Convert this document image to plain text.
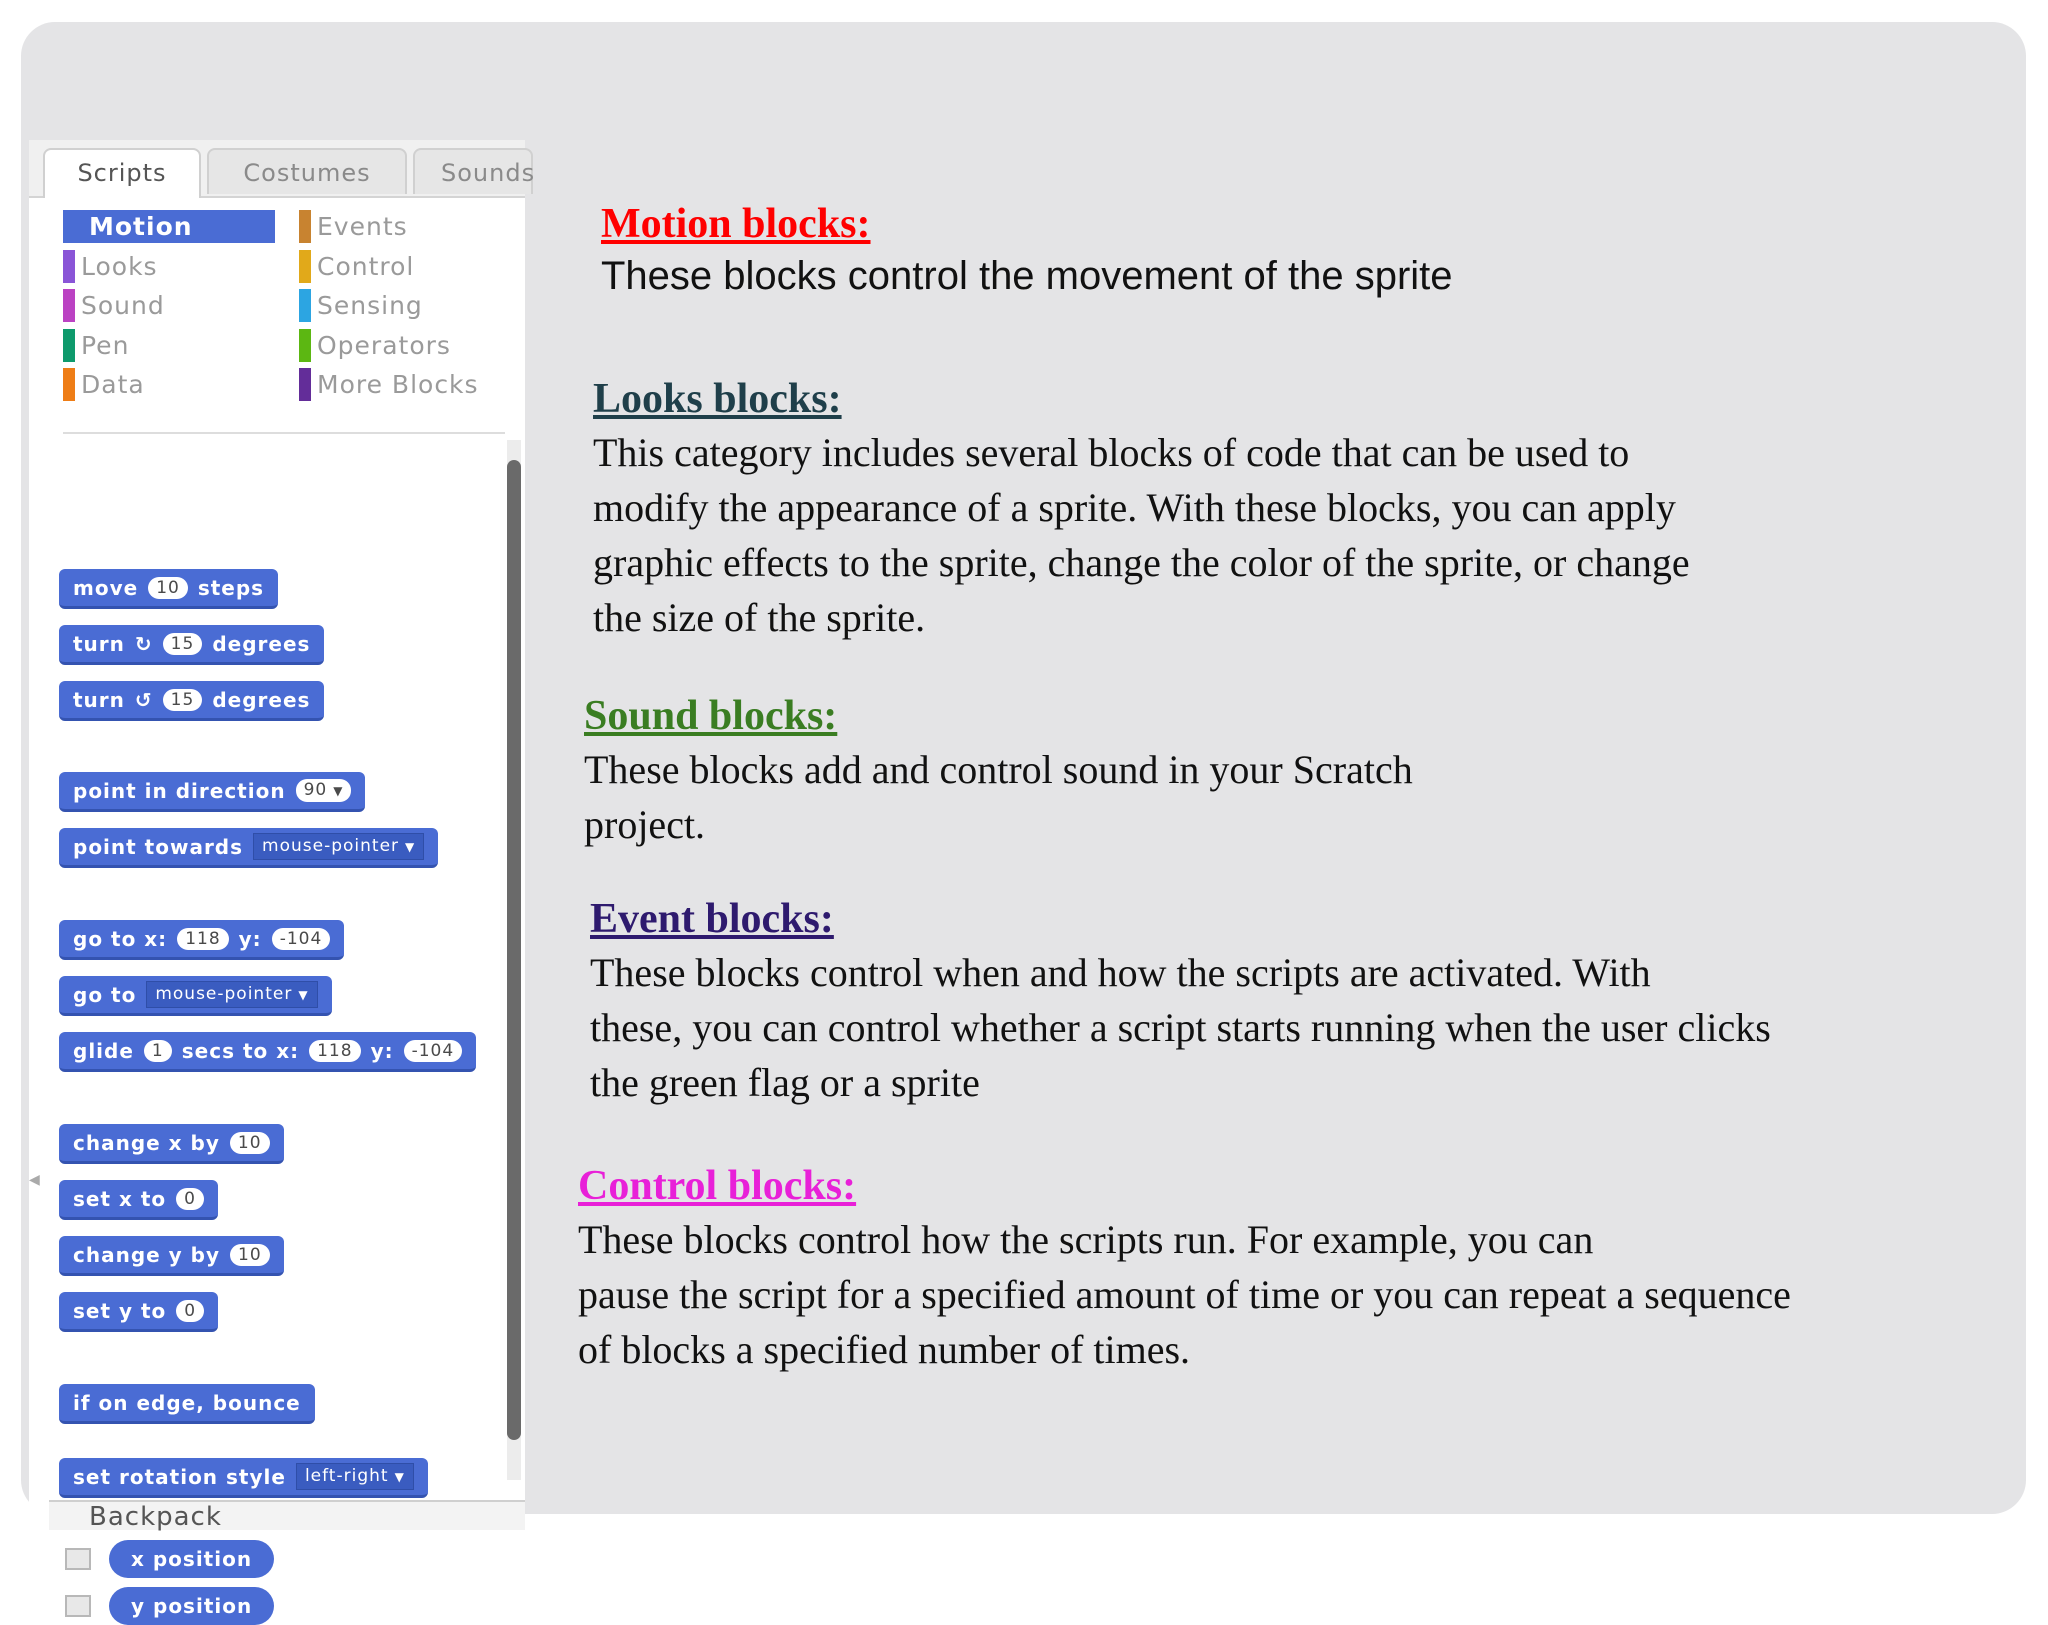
Scripts	Costumes	Sounds
Motion
Looks
Sound
Pen
Data
Events
Control
Sensing
Operators
More Blocks
◀
move	10 steps
turn ↻	15 degrees
turn ↺	15 degrees
point in direction	90 ▼
point towards	mouse-pointer ▼
go to x:	118 y:	-104
go to	mouse-pointer ▼
glide	1 secs to x:	118 y:	-104
change x by	10
set x to	0
change y by	10
set y to	0
if on edge, bounce
set rotation style	left-right ▼
x position
y position
Backpack
Motion blocks:
These blocks control the movement of the sprite
Looks blocks:
This category includes several blocks of code that can be used to
modify the appearance of a sprite. With these blocks, you can apply
graphic effects to the sprite, change the color of the sprite, or change
the size of the sprite.
Sound blocks:
These blocks add and control sound in your Scratch
project.
Event blocks:
These blocks control when and how the scripts are activated. With
these, you can control whether a script starts running when the user clicks
the green flag or a sprite
Control blocks:
These blocks control how the scripts run. For example, you can
pause the script for a specified amount of time or you can repeat a sequence
of blocks a specified number of times.
